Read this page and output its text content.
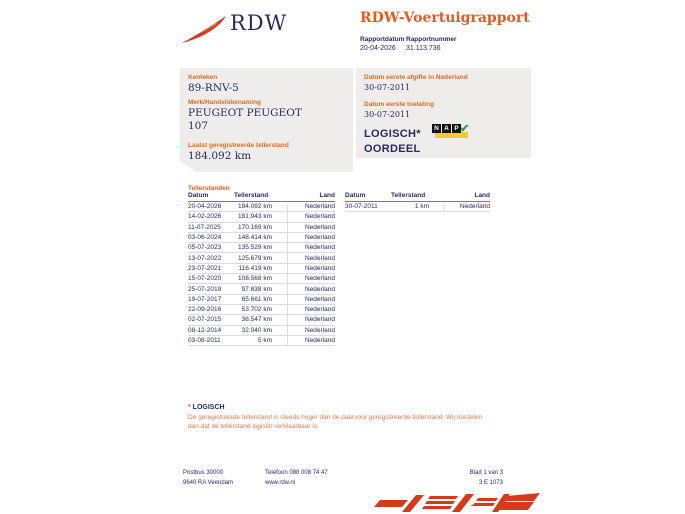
RDW	RDW-Voertuigrapport
Rapportdatum
20-04-2026
Rapportnummer
31.113.736
Kenteken
89-RNV-5
Merk/Handelsbenaming
PEUGEOT PEUGEOT
107
Laatst geregistreerde tellerstand
184.092 km
Datum eerste afgifte in Nederland
30-07-2011
Datum eerste toelating
30-07-2011
LOGISCH*
OORDEEL
N A P ✔
Tellerstanden
Datum	Tellerstand	Land
20-04-2026	184.092 km	Nederland
14-02-2026	181.943 km	Nederland
11-07-2025	170.169 km	Nederland
03-06-2024	148.414 km	Nederland
05-07-2023	135.529 km	Nederland
13-07-2022	125.679 km	Nederland
23-07-2021	116.419 km	Nederland
15-07-2020	108.568 km	Nederland
25-07-2019	97.838 km	Nederland
19-07-2017	65.661 km	Nederland
22-09-2016	53.702 km	Nederland
02-07-2015	38.547 km	Nederland
08-12-2014	32.040 km	Nederland
03-08-2011	5 km	Nederland
Datum	Tellerstand	Land
30-07-2011	1 km	Nederland
* LOGISCH
De geregistreerde tellerstand is steeds hoger dan de daarvoor geregistreerde tellerstand. Wij oordelen dan dat de tellerstand logisch verklaarbaar is.
Postbus 30000
9640 RA Veendam
Telefoon 088 008 74 47
www.rdw.nl
Blad 1 van 3
3 E 1073
